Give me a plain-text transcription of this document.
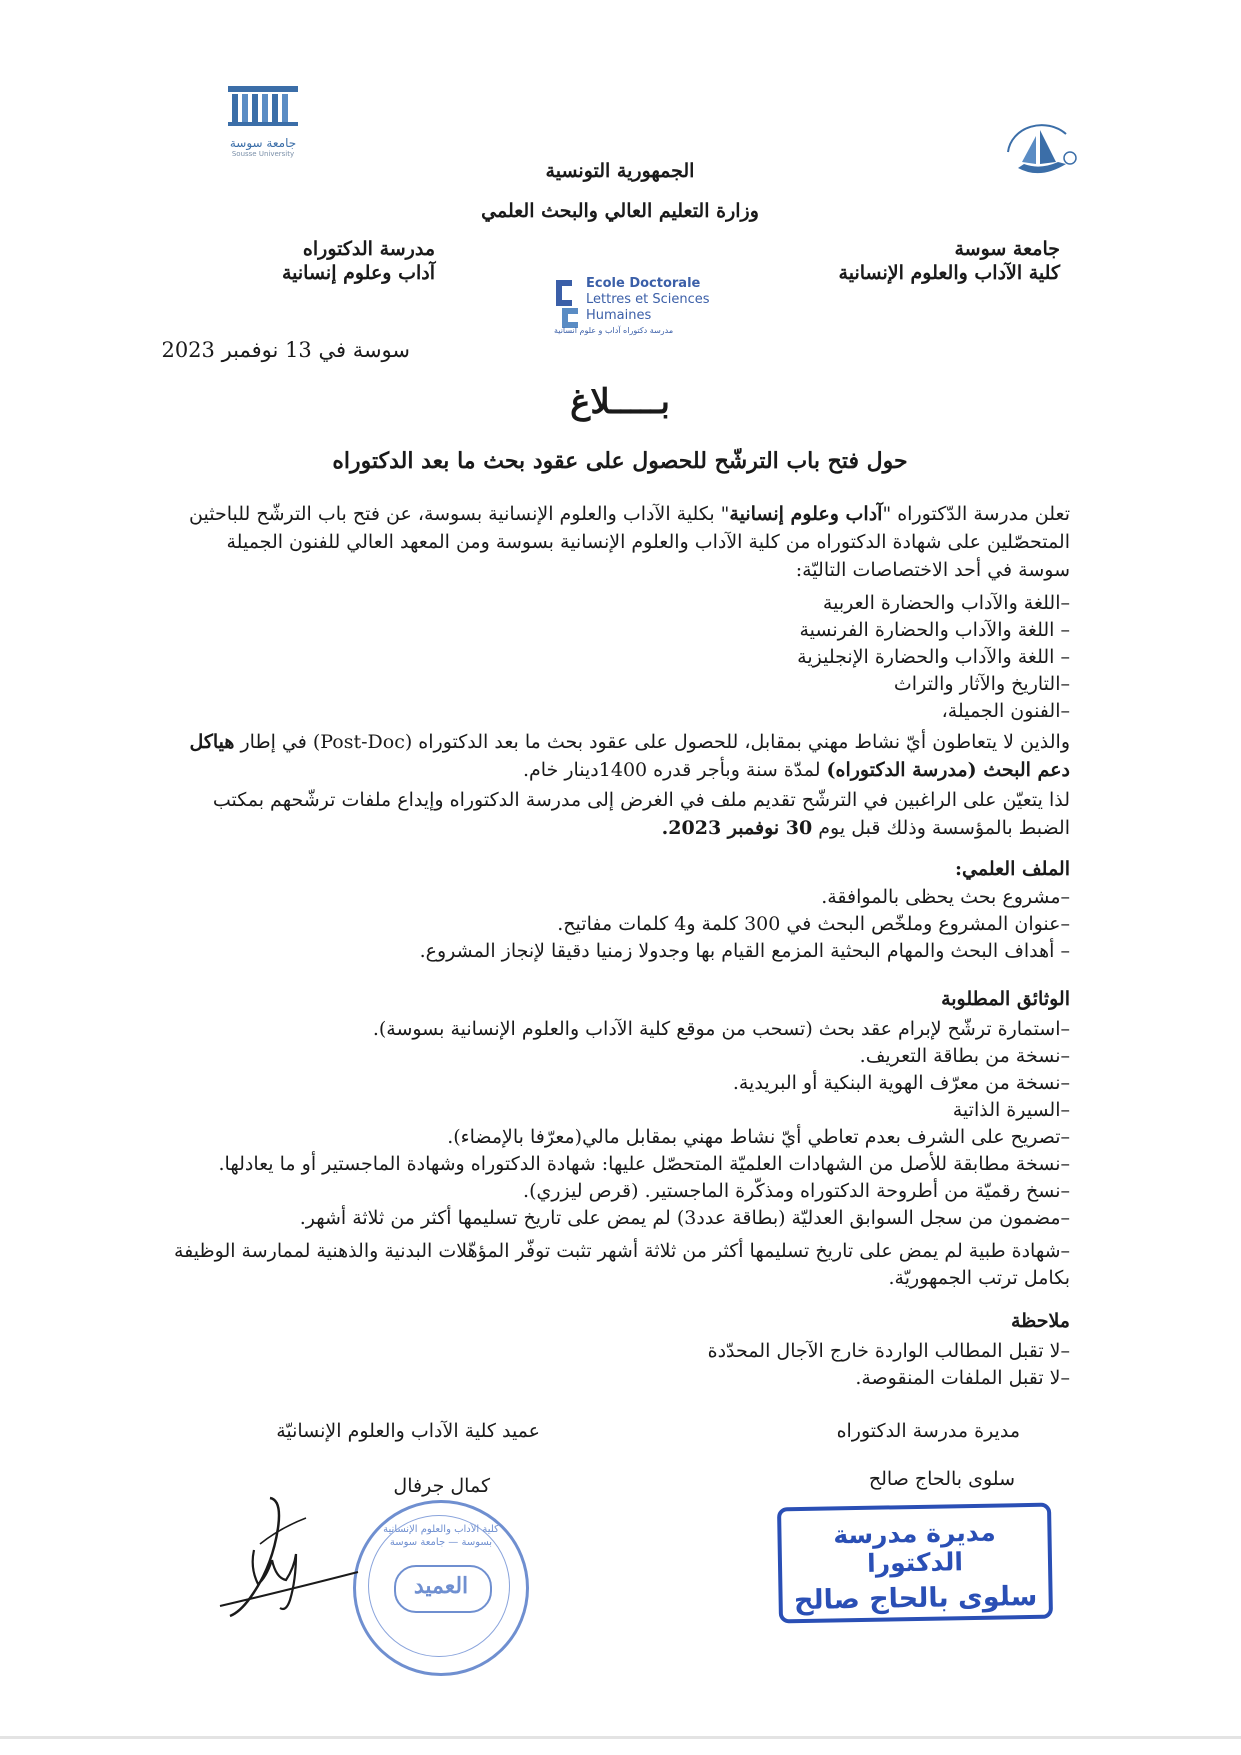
جامعة سوسة
Sousse University
الجمهورية التونسية
وزارة التعليم العالي والبحث العلمي
جامعة سوسة
كلية الآداب والعلوم الإنسانية
مدرسة الدكتوراه
آداب وعلوم إنسانية	Ecole Doctorale
Lettres et Sciences
Humaines
مدرسة دكتوراه آداب و علوم انسانية
سوسة في 13 نوفمبر 2023
بـــــلاغ
حول فتح باب الترشّح للحصول على عقود بحث ما بعد الدكتوراه
تعلن مدرسة الدّكتوراه "آداب وعلوم إنسانية" بكلية الآداب والعلوم الإنسانية بسوسة، عن فتح باب الترشّح للباحثين المتحصّلين على شهادة الدكتوراه من كلية الآداب والعلوم الإنسانية بسوسة ومن المعهد العالي للفنون الجميلة سوسة في أحد الاختصاصات التاليّة:
–اللغة والآداب والحضارة العربية
– اللغة والآداب والحضارة الفرنسية
– اللغة والآداب والحضارة الإنجليزية
–التاريخ والآثار والتراث
–الفنون الجميلة،
والذين لا يتعاطون أيّ نشاط مهني بمقابل، للحصول على عقود بحث ما بعد الدكتوراه (Post-Doc) في إطار هياكل دعم البحث (مدرسة الدكتوراه) لمدّة سنة وبأجر قدره 1400دينار خام.
لذا يتعيّن على الراغبين في الترشّح تقديم ملف في الغرض إلى مدرسة الدكتوراه وإيداع ملفات ترشّحهم بمكتب الضبط بالمؤسسة وذلك قبل يوم 30 نوفمبر 2023.
الملف العلمي:
–مشروع بحث يحظى بالموافقة.
–عنوان المشروع وملخّص البحث في 300 كلمة و4 كلمات مفاتيح.
– أهداف البحث والمهام البحثية المزمع القيام بها وجدولا زمنيا دقيقا لإنجاز المشروع.
الوثائق المطلوبة
–استمارة ترشّح لإبرام عقد بحث (تسحب من موقع كلية الآداب والعلوم الإنسانية بسوسة).
–نسخة من بطاقة التعريف.
–نسخة من معرّف الهوية البنكية أو البريدية.
–السيرة الذاتية
–تصريح على الشرف بعدم تعاطي أيّ نشاط مهني بمقابل مالي(معرّفا بالإمضاء).
–نسخة مطابقة للأصل من الشهادات العلميّة المتحصّل عليها: شهادة الدكتوراه وشهادة الماجستير أو ما يعادلها.
–نسخ رقميّة من أطروحة الدكتوراه ومذكّرة الماجستير. (قرص ليزري).
–مضمون من سجل السوابق العدليّة (بطاقة عدد3) لم يمض على تاريخ تسليمها أكثر من ثلاثة أشهر.
–شهادة طبية لم يمض على تاريخ تسليمها أكثر من ثلاثة أشهر تثبت توفّر المؤهّلات البدنية والذهنية لممارسة الوظيفة بكامل ترتب الجمهوريّة.
ملاحظة
–لا تقبل المطالب الواردة خارج الآجال المحدّدة
–لا تقبل الملفات المنقوصة.
مديرة مدرسة الدكتوراه
سلوى بالحاج صالح
عميد كلية الآداب والعلوم الإنسانيّة
كمال جرفال
مديرة مدرسة الدكتورا
سلوى بالحاج صالح
كلية الآداب والعلوم الإنسانية بسوسة — جامعة سوسة
العميد
